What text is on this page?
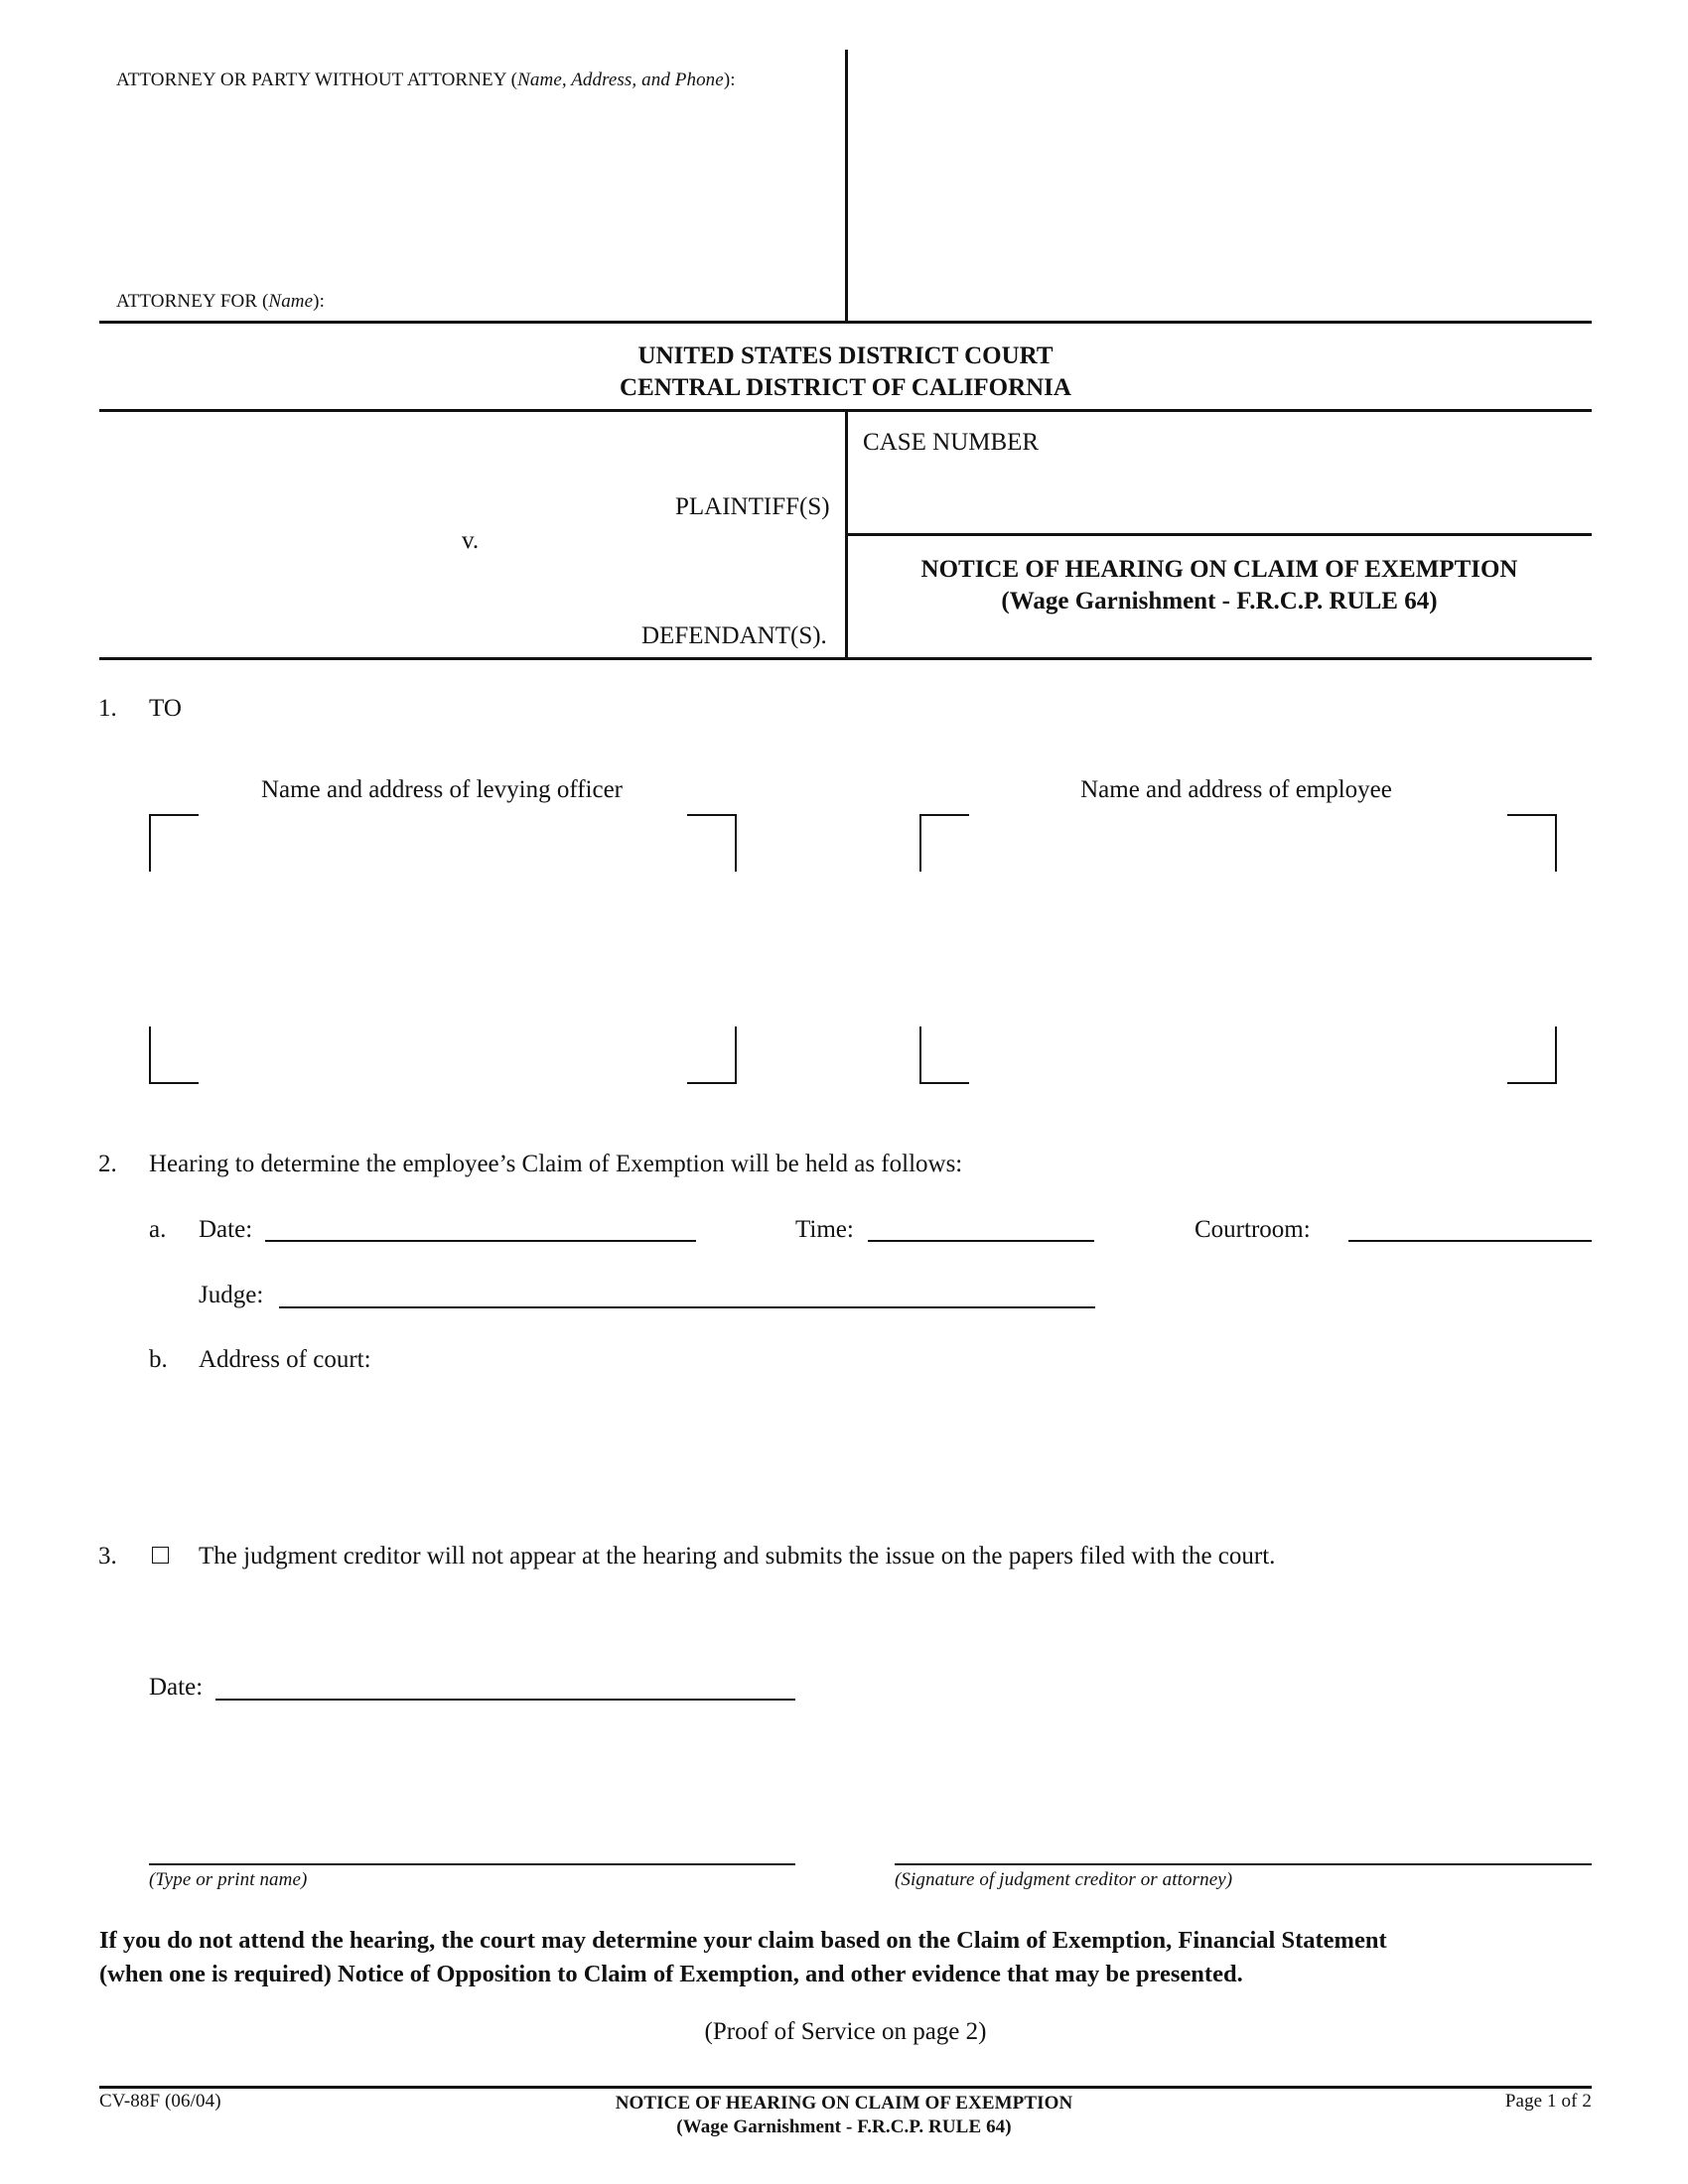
ATTORNEY OR PARTY WITHOUT ATTORNEY (Name, Address, and Phone):
ATTORNEY FOR (Name):
UNITED STATES DISTRICT COURT
CENTRAL DISTRICT OF CALIFORNIA
PLAINTIFF(S)
v.
DEFENDANT(S).
CASE NUMBER
NOTICE OF HEARING ON CLAIM OF EXEMPTION
(Wage Garnishment - F.R.C.P. RULE 64)
1. TO
Name and address of levying officer	Name and address of employee
2. Hearing to determine the employee’s Claim of Exemption will be held as follows:
a. Date:	Time:	Courtroom:
Judge:
b. Address of court:
3.	The judgment creditor will not appear at the hearing and submits the issue on the papers filed with the court.
Date:
(Type or print name)	(Signature of judgment creditor or attorney)
If you do not attend the hearing, the court may determine your claim based on the Claim of Exemption, Financial Statement
(when one is required) Notice of Opposition to Claim of Exemption, and other evidence that may be presented.
(Proof of Service on page 2)
CV-88F (06/04)	NOTICE OF HEARING ON CLAIM OF EXEMPTION
(Wage Garnishment - F.R.C.P. RULE 64)
Page 1 of 2
